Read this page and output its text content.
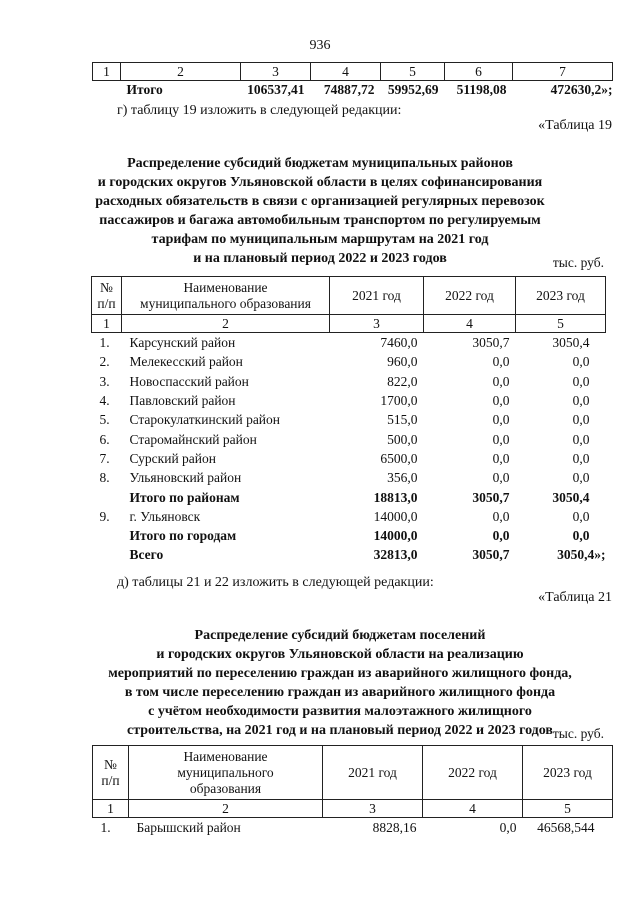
936
1	2	3	4	5	6	7
	Итого	106537,41	74887,72	59952,69	51198,08	472630,2»;
г) таблицу 19 изложить в следующей редакции:
«Таблица 19
Распределение субсидий бюджетам муниципальных районов
и городских округов Ульяновской области в целях софинансирования
расходных обязательств в связи с организацией регулярных перевозок
пассажиров и багажа автомобильным транспортом по регулируемым
тарифам по муниципальным маршрутам на 2021 год
и на плановый период 2022 и 2023 годов	тыс. руб.
№
п/п	Наименование
муниципального образования	2021 год	2022 год	2023 год
1	2	3	4	5
1.	Карсунский район	7460,0	3050,7	3050,4
2.	Мелекесский район	960,0	0,0	0,0
3.	Новоспасский район	822,0	0,0	0,0
4.	Павловский район	1700,0	0,0	0,0
5.	Старокулаткинский район	515,0	0,0	0,0
6.	Старомайнский район	500,0	0,0	0,0
7.	Сурский район	6500,0	0,0	0,0
8.	Ульяновский район	356,0	0,0	0,0
	Итого по районам	18813,0	3050,7	3050,4
9.	г. Ульяновск	14000,0	0,0	0,0
	Итого по городам	14000,0	0,0	0,0
	Всего	32813,0	3050,7	3050,4»;
д) таблицы 21 и 22 изложить в следующей редакции:
«Таблица 21
Распределение субсидий бюджетам поселений
и городских округов Ульяновской области на реализацию
мероприятий по переселению граждан из аварийного жилищного фонда,
в том числе переселению граждан из аварийного жилищного фонда
с учётом необходимости развития малоэтажного жилищного
строительства, на 2021 год и на плановый период 2022 и 2023 годов тыс. руб.
№
п/п	Наименование
муниципального
образования	2021 год	2022 год	2023 год
1	2	3	4	5
1.	Барышский район	8828,16	0,0	46568,544
